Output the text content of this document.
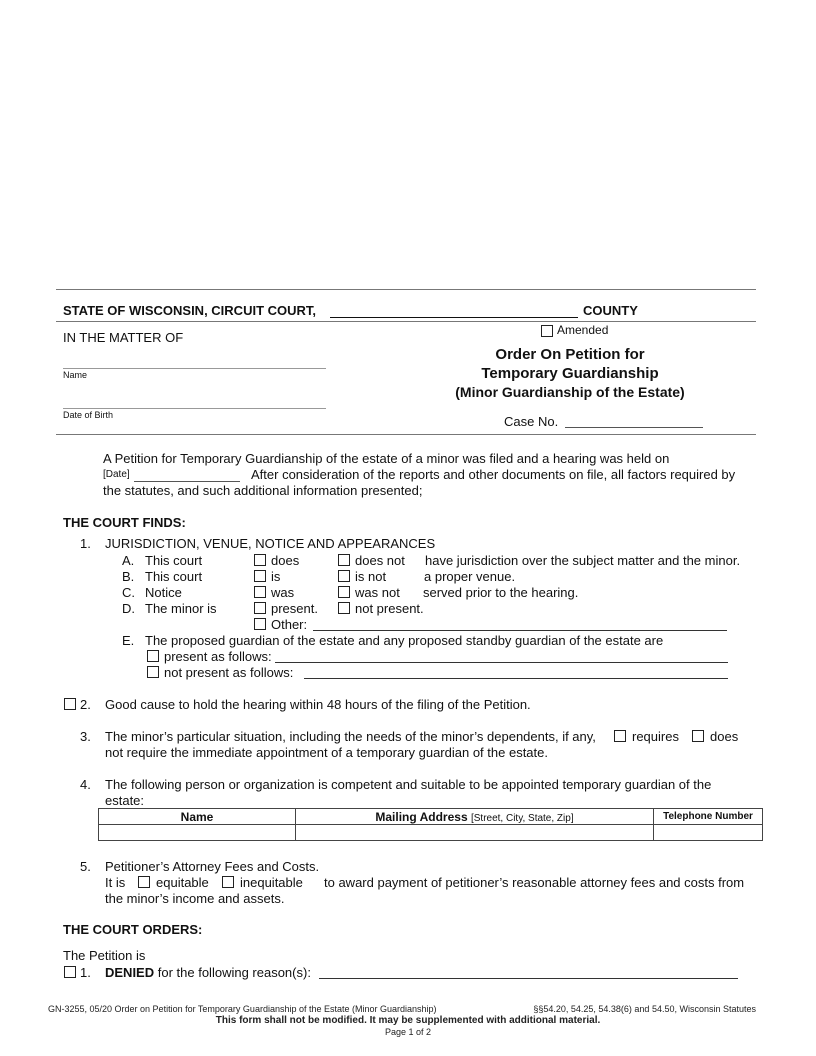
STATE OF WISCONSIN, CIRCUIT COURT,	COUNTY
IN THE MATTER OF
Name
Date of Birth
Amended
Order On Petition for
Temporary Guardianship
(Minor Guardianship of the Estate)
Case No.
A Petition for Temporary Guardianship of the estate of a minor was filed and a hearing was held on
[Date]	After consideration of the reports and other documents on file, all factors required by
the statutes, and such additional information presented;
THE COURT FINDS:
1. JURISDICTION, VENUE, NOTICE AND APPEARANCES
A. This court	does	does not have jurisdiction over the subject matter and the minor.
B. This court	is	is not	a proper venue.
C. Notice	was	was not served prior to the hearing.
D. The minor is	present.	not present.
Other:
E. The proposed guardian of the estate and any proposed standby guardian of the estate are
present as follows:
not present as follows:
2. Good cause to hold the hearing within 48 hours of the filing of the Petition.
3. The minor’s particular situation, including the needs of the minor’s dependents, if any,	requires does
not require the immediate appointment of a temporary guardian of the estate.
4. The following person or organization is competent and suitable to be appointed temporary guardian of the
estate:
Name	Mailing Address [Street, City, State, Zip]	Telephone Number

5. Petitioner’s Attorney Fees and Costs.
It is equitable inequitable to award payment of petitioner’s reasonable attorney fees and costs from
the minor’s income and assets.
THE COURT ORDERS:
The Petition is
1. DENIED for the following reason(s):
GN-3255, 05/20 Order on Petition for Temporary Guardianship of the Estate (Minor Guardianship)	§§54.20, 54.25, 54.38(6) and 54.50, Wisconsin Statutes
This form shall not be modified. It may be supplemented with additional material.
Page 1 of 2
